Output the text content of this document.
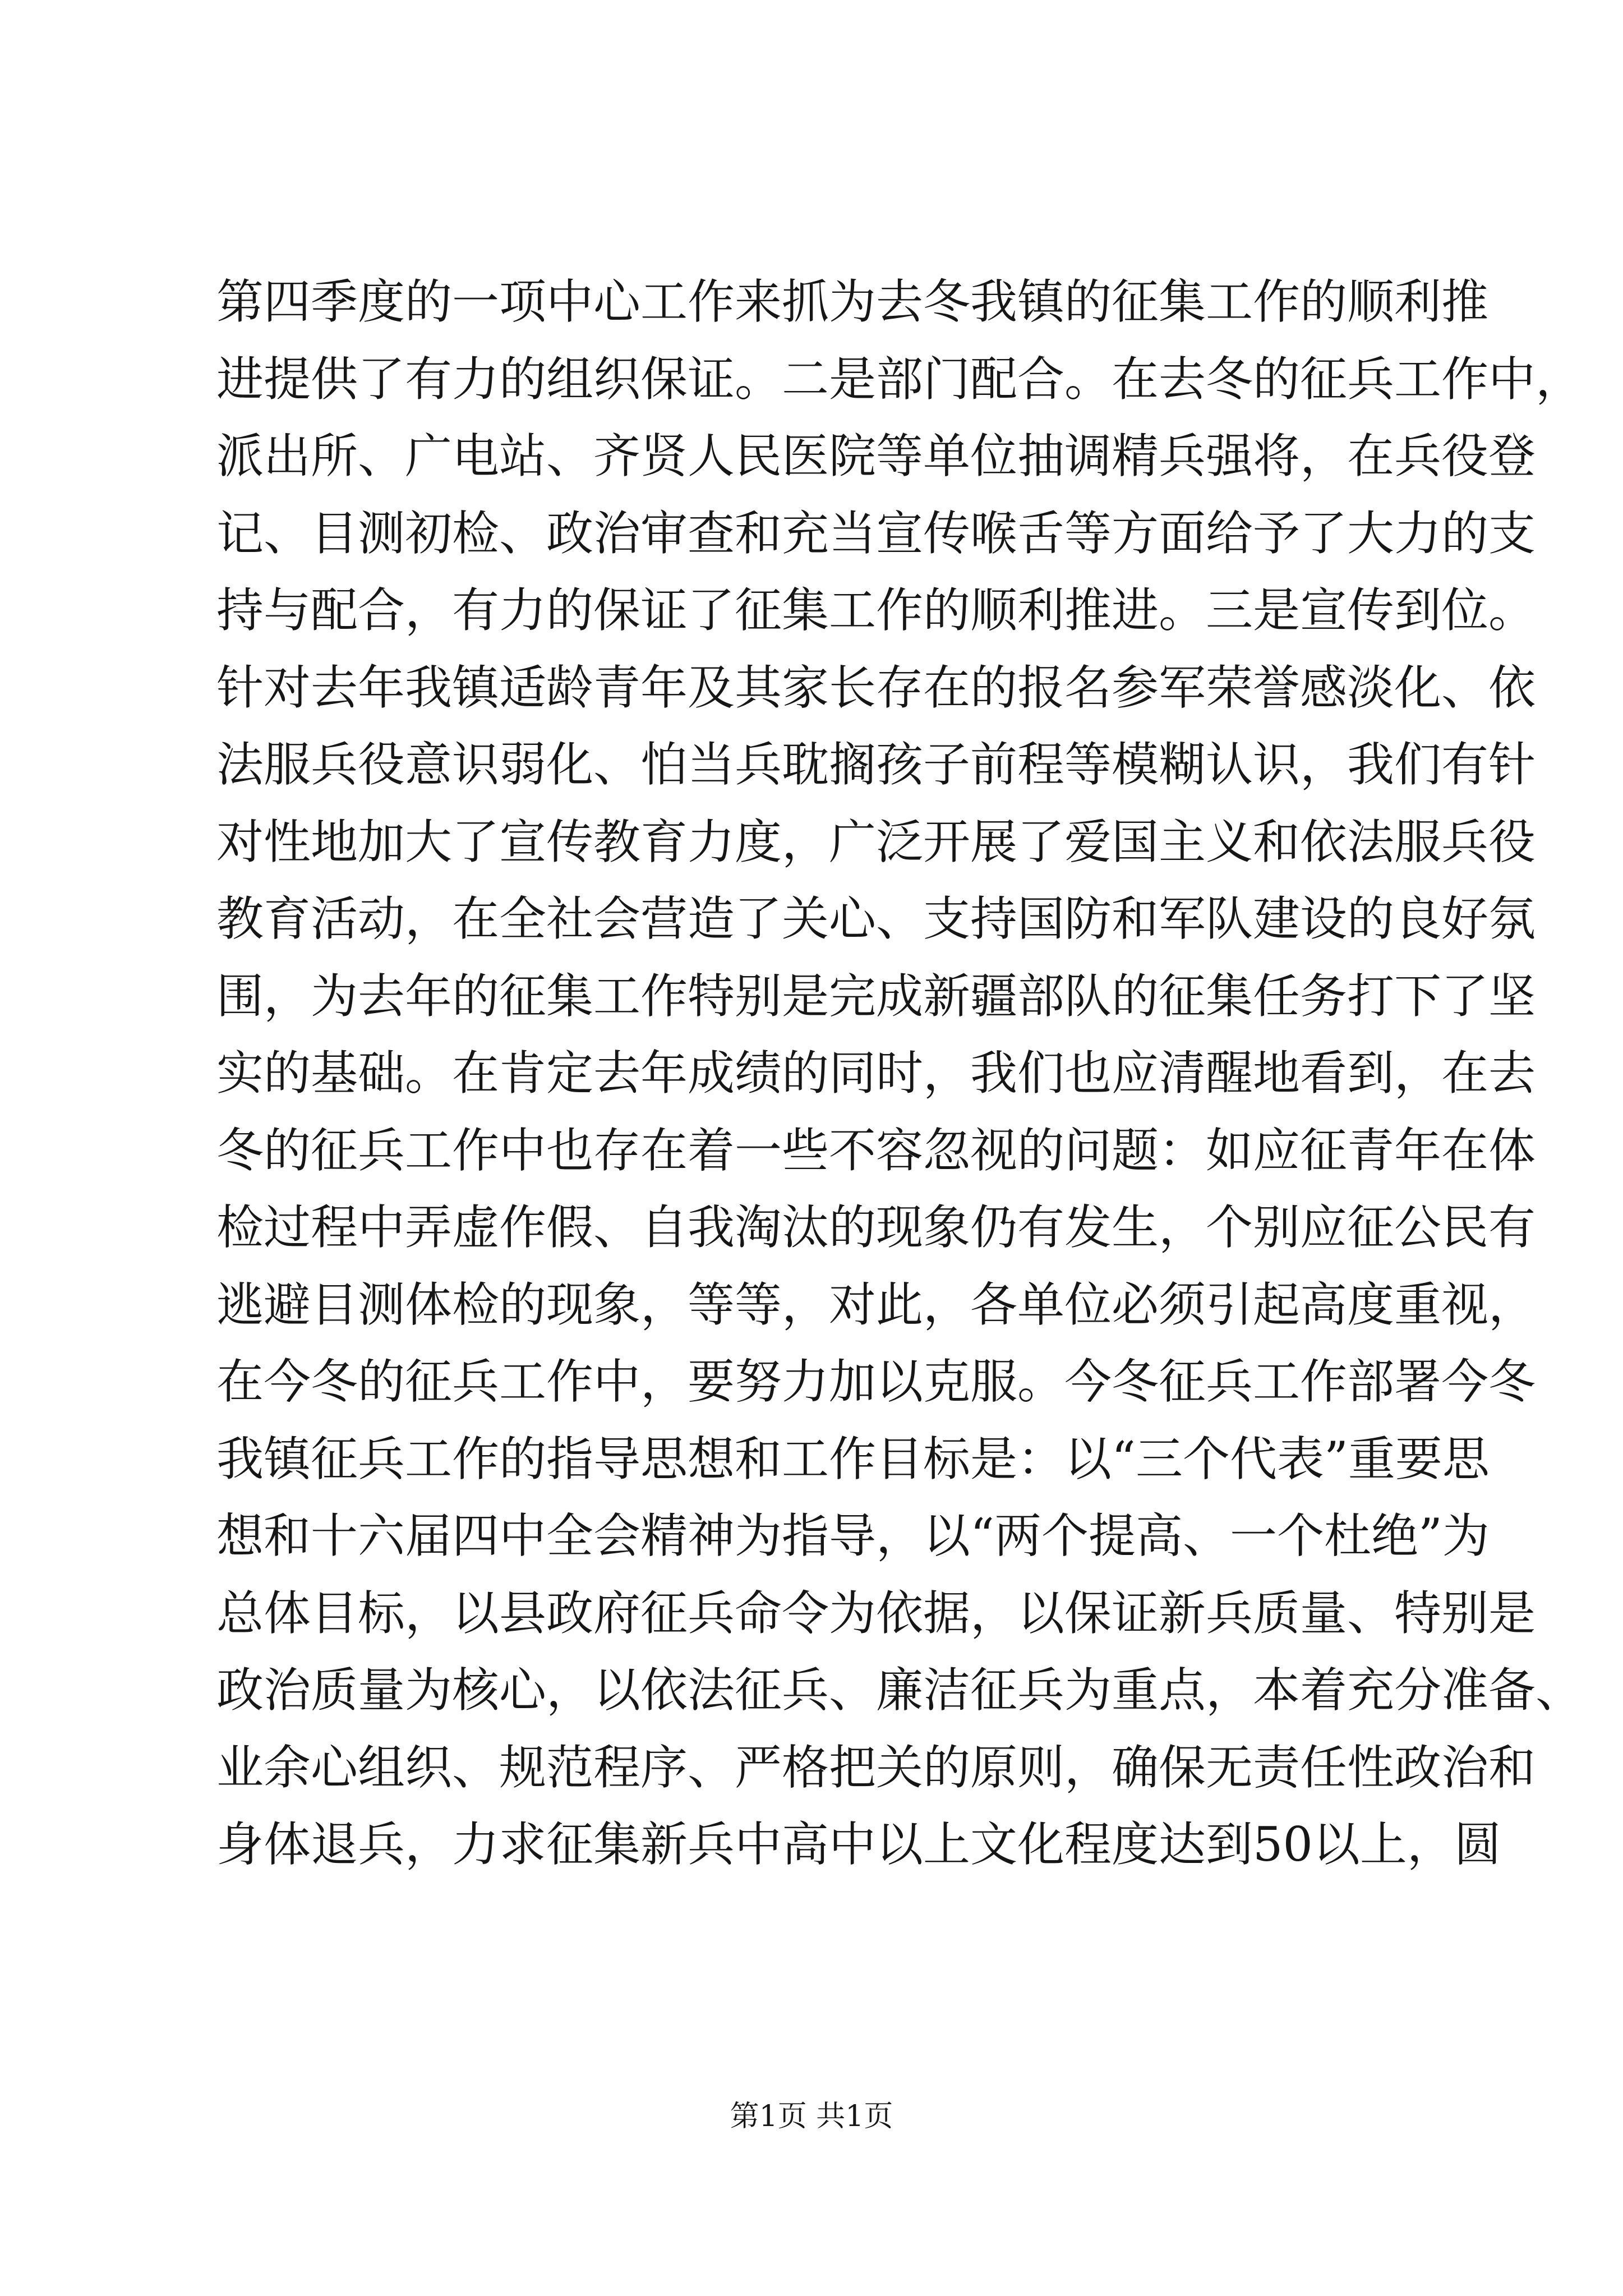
第四季度的一项中心工作来抓为去冬我镇的征集工作的顺利推
进提供了有力的组织保证。二是部门配合。在去冬的征兵工作中，
派出所、广电站、齐贤人民医院等单位抽调精兵强将，在兵役登
记、目测初检、政治审查和充当宣传喉舌等方面给予了大力的支
持与配合，有力的保证了征集工作的顺利推进。三是宣传到位。
针对去年我镇适龄青年及其家长存在的报名参军荣誉感淡化、依
法服兵役意识弱化、怕当兵耽搁孩子前程等模糊认识，我们有针
对性地加大了宣传教育力度，广泛开展了爱国主义和依法服兵役
教育活动，在全社会营造了关心、支持国防和军队建设的良好氛
围，为去年的征集工作特别是完成新疆部队的征集任务打下了坚
实的基础。在肯定去年成绩的同时，我们也应清醒地看到，在去
冬的征兵工作中也存在着一些不容忽视的问题：如应征青年在体
检过程中弄虚作假、自我淘汰的现象仍有发生，个别应征公民有
逃避目测体检的现象，等等，对此，各单位必须引起高度重视，
在今冬的征兵工作中，要努力加以克服。今冬征兵工作部署今冬
我镇征兵工作的指导思想和工作目标是：以“三个代表”重要思
想和十六届四中全会精神为指导，以“两个提高、一个杜绝”为
总体目标，以县政府征兵命令为依据，以保证新兵质量、特别是
政治质量为核心，以依法征兵、廉洁征兵为重点，本着充分准备、
业余心组织、规范程序、严格把关的原则，确保无责任性政治和
身体退兵，力求征集新兵中高中以上文化程度达到50以上，圆
第1页 共1页
